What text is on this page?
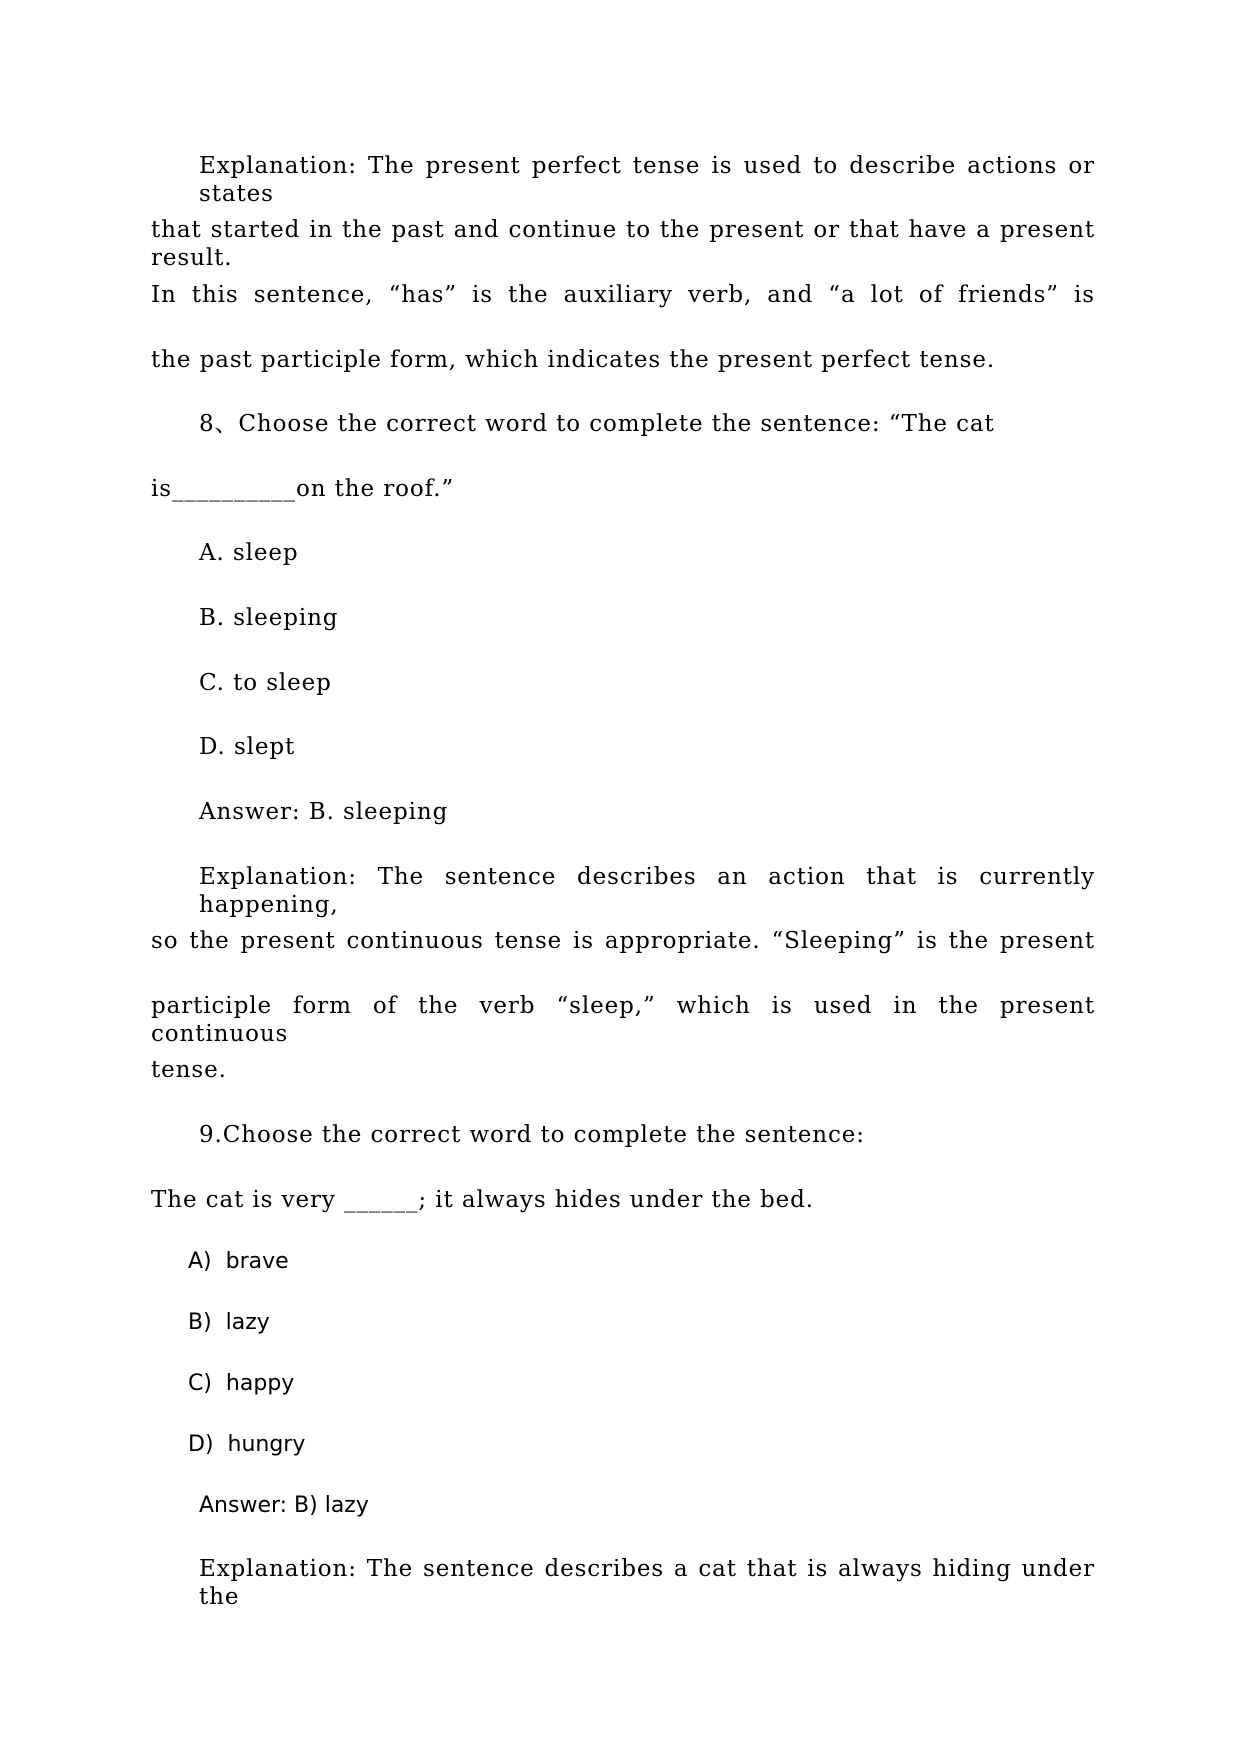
Explanation: The present perfect tense is used to describe actions or states
that started in the past and continue to the present or that have a present result.
In this sentence, “has” is the auxiliary verb, and “a lot of friends” is
the past participle form, which indicates the present perfect tense.
8、Choose the correct word to complete the sentence: “The cat
is__________on the roof.”
A. sleep
B. sleeping
C. to sleep
D. slept
Answer: B. sleeping
Explanation: The sentence describes an action that is currently happening,
so the present continuous tense is appropriate. “Sleeping” is the present
participle form of the verb “sleep,” which is used in the present continuous
tense.
9.Choose the correct word to complete the sentence:
The cat is very ______; it always hides under the bed.
A)  brave
B)  lazy
C)  happy
D)  hungry
Answer: B) lazy
Explanation: The sentence describes a cat that is always hiding under the
